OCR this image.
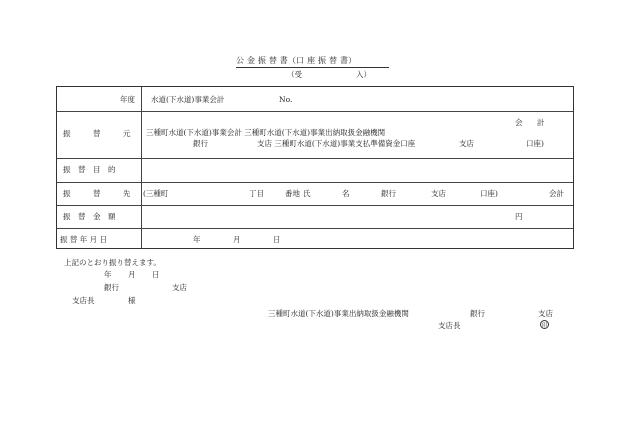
公 金 振 替 書（口 座 振 替 書）
（受	入）
年度 水道(下水道)事業会計	No.
振　　　替　　　元
会 計
三種町水道(下水道)事業会計 三種町水道(下水道)事業出納取扱金融機関
銀行	支店 三種町水道(下水道)事業支払準備資金口座	支店	口座)
振　替　目　的
振　　　替　　　先 (三種町	丁目	番地 氏	名	銀行	支店	口座)	会計
振　替　金　額	円
振 替 年 月 日	年	月	日
上記のとおり振り替えます。
年 月 日
銀行	支店
支店長	様
三種町水道(下水道)事業出納取扱金融機関	銀行	支店
支店長	印
